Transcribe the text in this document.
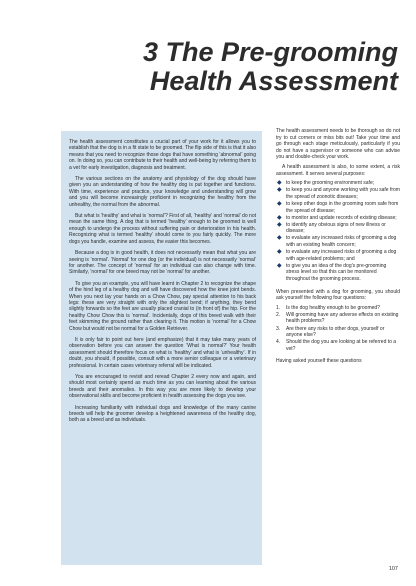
3 The Pre-grooming
Health Assessment

The health assessment constitutes a crucial part of your work for it allows you to establish that the dog is in a fit state to be groomed. The flip side of this is that it also means that you need to recognize those dogs that have something ‘abnormal’ going on. In doing so, you can contribute to their health and well-being by referring them to a vet for early investigation, diagnosis and treatment.

The various sections on the anatomy and physiology of the dog should have given you an understanding of how the healthy dog is put together and functions. With time, experience and practice, your knowledge and understanding will grow and you will become increasingly proficient in recognizing the healthy from the unhealthy, the normal from the abnormal.

But what is ‘healthy’ and what is ‘normal’? First of all, ‘healthy’ and ‘normal’ do not mean the same thing. A dog that is termed ‘healthy’ enough to be groomed is well enough to undergo the process without suffering pain or deterioration in his health. Recognizing what is termed ‘healthy’ should come to you fairly quickly. The more dogs you handle, examine and assess, the easier this becomes.

Because a dog is in good health, it does not necessarily mean that what you are seeing is ‘normal’. ‘Normal’ for one dog (or the individual) is not necessarily ‘normal’ for another. The concept of ‘normal’ for an individual can also change with time. Similarly, ‘normal’ for one breed may not be ‘normal’ for another.

To give you an example, you will have learnt in Chapter 2 to recognize the shape of the hind leg of a healthy dog and will have discovered how the knee joint bends. When you next lay your hands on a Chow Chow, pay special attention to his back legs: these are very straight with only the slightest bend; if anything, they bend slightly forwards so the feet are usually placed cranial to (in front of) the hip. For the healthy Chow Chow this is ‘normal’. Incidentally, dogs of this breed walk with their feet skimming the ground rather than clearing it. This motion is ‘normal’ for a Chow Chow but would not be normal for a Golden Retriever.

It is only fair to point out here (and emphasize) that it may take many years of observation before you can answer the question ‘What is normal?’ Your health assessment should therefore focus on what is ‘healthy’ and what is ‘unhealthy’. If in doubt, you should, if possible, consult with a more senior colleague or a veterinary professional. In certain cases veterinary referral will be indicated.

You are encouraged to revisit and reread Chapter 2 every now and again, and should most certainly spend as much time as you can learning about the various breeds and their anomalies. In this way you are more likely to develop your observational skills and become proficient in health assessing the dogs you see.

Increasing familiarity with individual dogs and knowledge of the many canine breeds will help the groomer develop a heightened awareness of the healthy dog, both as a breed and as individuals.

The health assessment needs to be thorough so do not try to cut corners or miss bits out! Take your time and go through each stage meticulously, particularly if you do not have a supervisor or someone who can advise you and double-check your work.

A health assessment is also, to some extent, a risk assessment. It serves several purposes:

◆ to keep the grooming environment safe;
◆ to keep you and anyone working with you safe from the spread of zoonotic diseases;
◆ to keep other dogs in the grooming room safe from the spread of disease;
◆ to monitor and update records of existing disease;
◆ to identify any obvious signs of new illness or disease;
◆ to evaluate any increased risks of grooming a dog with an existing health concern;
◆ to evaluate any increased risks of grooming a dog with age-related problems; and
◆ to give you an idea of the dog’s pre-grooming stress level so that this can be monitored throughout the grooming process.

When presented with a dog for grooming, you should ask yourself the following four questions:

1. Is the dog healthy enough to be groomed?
2. Will grooming have any adverse effects on existing health problems?
3. Are there any risks to other dogs, yourself or anyone else?
4. Should the dog you are looking at be referred to a vet?

Having asked yourself these questions

107
